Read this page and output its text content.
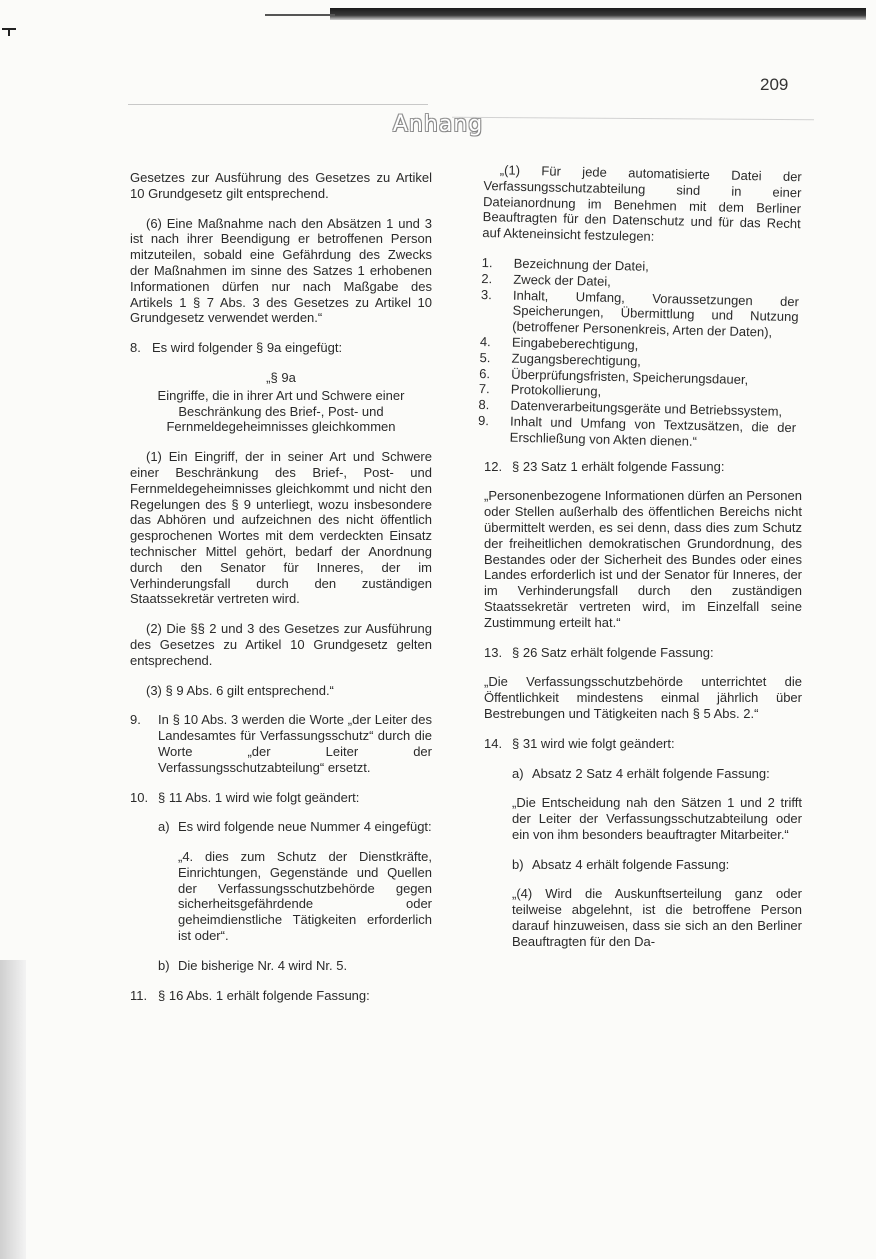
209
Anhang

Gesetzes zur Ausführung des Gesetzes zu Artikel 10 Grundgesetz gilt entsprechend.

(6) Eine Maßnahme nach den Absätzen 1 und 3 ist nach ihrer Beendigung er betroffenen Person mitzuteilen, sobald eine Gefährdung des Zwecks der Maßnahmen im sinne des Satzes 1 erhobenen Informationen dürfen nur nach Maßgabe des Artikels 1 § 7 Abs. 3 des Gesetzes zu Artikel 10 Grundgesetz verwendet werden.“

8. Es wird folgender § 9a eingefügt:

„§ 9a

Eingriffe, die in ihrer Art und Schwere einer Beschränkung des Brief-, Post- und Fernmeldegeheimnisses gleichkommen

(1) Ein Eingriff, der in seiner Art und Schwere einer Beschränkung des Brief-, Post- und Fernmeldegeheimnisses gleichkommt und nicht den Regelungen des § 9 unterliegt, wozu insbesondere das Abhören und aufzeichnen des nicht öffentlich gesprochenen Wortes mit dem verdeckten Einsatz technischer Mittel gehört, bedarf der Anordnung durch den Senator für Inneres, der im Verhinderungsfall durch den zuständigen Staatssekretär vertreten wird.

(2) Die §§ 2 und 3 des Gesetzes zur Ausführung des Gesetzes zu Artikel 10 Grundgesetz gelten entsprechend.

(3) § 9 Abs. 6 gilt entsprechend.“

9.	In § 10 Abs. 3 werden die Worte „der Leiter des Landesamtes für Verfassungsschutz“ durch die Worte „der Leiter der Verfassungsschutzabteilung“ ersetzt.
10. § 11 Abs. 1 wird wie folgt geändert:
a) Es wird folgende neue Nummer 4 eingefügt:

„4. dies zum Schutz der Dienstkräfte, Einrichtungen, Gegenstände und Quellen der Verfassungsschutzbehörde gegen sicherheitsgefährdende oder geheimdienstliche Tätigkeiten erforderlich ist oder“.

b) Die bisherige Nr. 4 wird Nr. 5.
11. § 16 Abs. 1 erhält folgende Fassung:

„(1) Für jede automatisierte Datei der Verfassungsschutzabteilung sind in einer Dateianordnung im Benehmen mit dem Berliner Beauftragten für den Datenschutz und für das Recht auf Akteneinsicht festzulegen:

1.	Bezeichnung der Datei,
2.	Zweck der Datei,
3.	Inhalt, Umfang, Voraussetzungen der Speicherungen, Übermittlung und Nutzung (betroffener Personenkreis, Arten der Daten),
4.	Eingabeberechtigung,
5.	Zugangsberechtigung,
6.	Überprüfungsfristen, Speicherungsdauer,
7.	Protokollierung,
8.	Datenverarbeitungsgeräte und Betriebssystem,
9.	Inhalt und Umfang von Textzusätzen, die der Erschließung von Akten dienen.“
12. § 23 Satz 1 erhält folgende Fassung:

„Personenbezogene Informationen dürfen an Personen oder Stellen außerhalb des öffentlichen Bereichs nicht übermittelt werden, es sei denn, dass dies zum Schutz der freiheitlichen demokratischen Grundordnung, des Bestandes oder der Sicherheit des Bundes oder eines Landes erforderlich ist und der Senator für Inneres, der im Verhinderungsfall durch den zuständigen Staatssekretär vertreten wird, im Einzelfall seine Zustimmung erteilt hat.“

13. § 26 Satz erhält folgende Fassung:

„Die Verfassungsschutzbehörde unterrichtet die Öffentlichkeit mindestens einmal jährlich über Bestrebungen und Tätigkeiten nach § 5 Abs. 2.“

14. § 31 wird wie folgt geändert:
a) Absatz 2 Satz 4 erhält folgende Fassung:

„Die Entscheidung nah den Sätzen 1 und 2 trifft der Leiter der Verfassungsschutzabteilung oder ein von ihm besonders beauftragter Mitarbeiter.“

b) Absatz 4 erhält folgende Fassung:

„(4) Wird die Auskunftserteilung ganz oder teilweise abgelehnt, ist die betroffene Person darauf hinzuweisen, dass sie sich an den Berliner Beauftragten für den Da-
